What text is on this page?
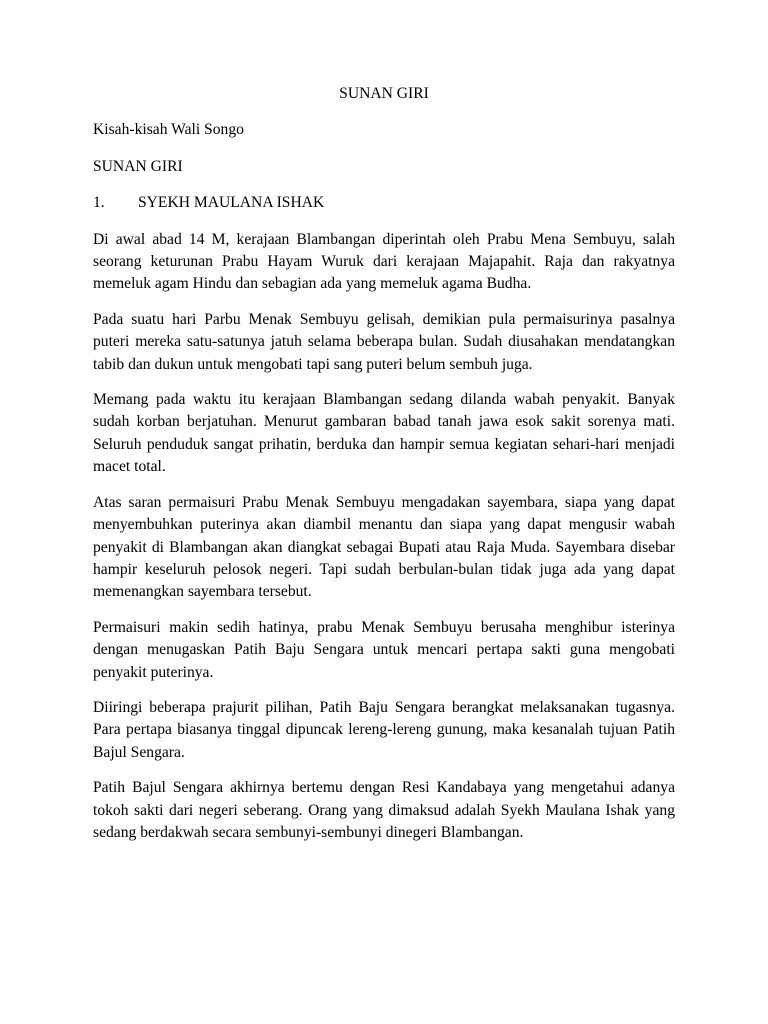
SUNAN GIRI
Kisah-kisah Wali Songo
SUNAN GIRI
1.	SYEKH MAULANA ISHAK

Di awal abad 14 M, kerajaan Blambangan diperintah oleh Prabu Mena Sembuyu, salah seorang keturunan Prabu Hayam Wuruk dari kerajaan Majapahit. Raja dan rakyatnya memeluk agam Hindu dan sebagian ada yang memeluk agama Budha.

Pada suatu hari Parbu Menak Sembuyu gelisah, demikian pula permaisurinya pasalnya puteri mereka satu-satunya jatuh selama beberapa bulan. Sudah diusahakan mendatangkan tabib dan dukun untuk mengobati tapi sang puteri belum sembuh juga.

Memang pada waktu itu kerajaan Blambangan sedang dilanda wabah penyakit. Banyak sudah korban berjatuhan. Menurut gambaran babad tanah jawa esok sakit sorenya mati. Seluruh penduduk sangat prihatin, berduka dan hampir semua kegiatan sehari-hari menjadi macet total.

Atas saran permaisuri Prabu Menak Sembuyu mengadakan sayembara, siapa yang dapat menyembuhkan puterinya akan diambil menantu dan siapa yang dapat mengusir wabah penyakit di Blambangan akan diangkat sebagai Bupati atau Raja Muda. Sayembara disebar hampir keseluruh pelosok negeri. Tapi sudah berbulan-bulan tidak juga ada yang dapat memenangkan sayembara tersebut.

Permaisuri makin sedih hatinya, prabu Menak Sembuyu berusaha menghibur isterinya dengan menugaskan Patih Baju Sengara untuk mencari pertapa sakti guna mengobati penyakit puterinya.

Diiringi beberapa prajurit pilihan, Patih Baju Sengara berangkat melaksanakan tugasnya. Para pertapa biasanya tinggal dipuncak lereng-lereng gunung, maka kesanalah tujuan Patih Bajul Sengara.

Patih Bajul Sengara akhirnya bertemu dengan Resi Kandabaya yang mengetahui adanya tokoh sakti dari negeri seberang. Orang yang dimaksud adalah Syekh Maulana Ishak yang sedang berdakwah secara sembunyi-sembunyi dinegeri Blambangan.
